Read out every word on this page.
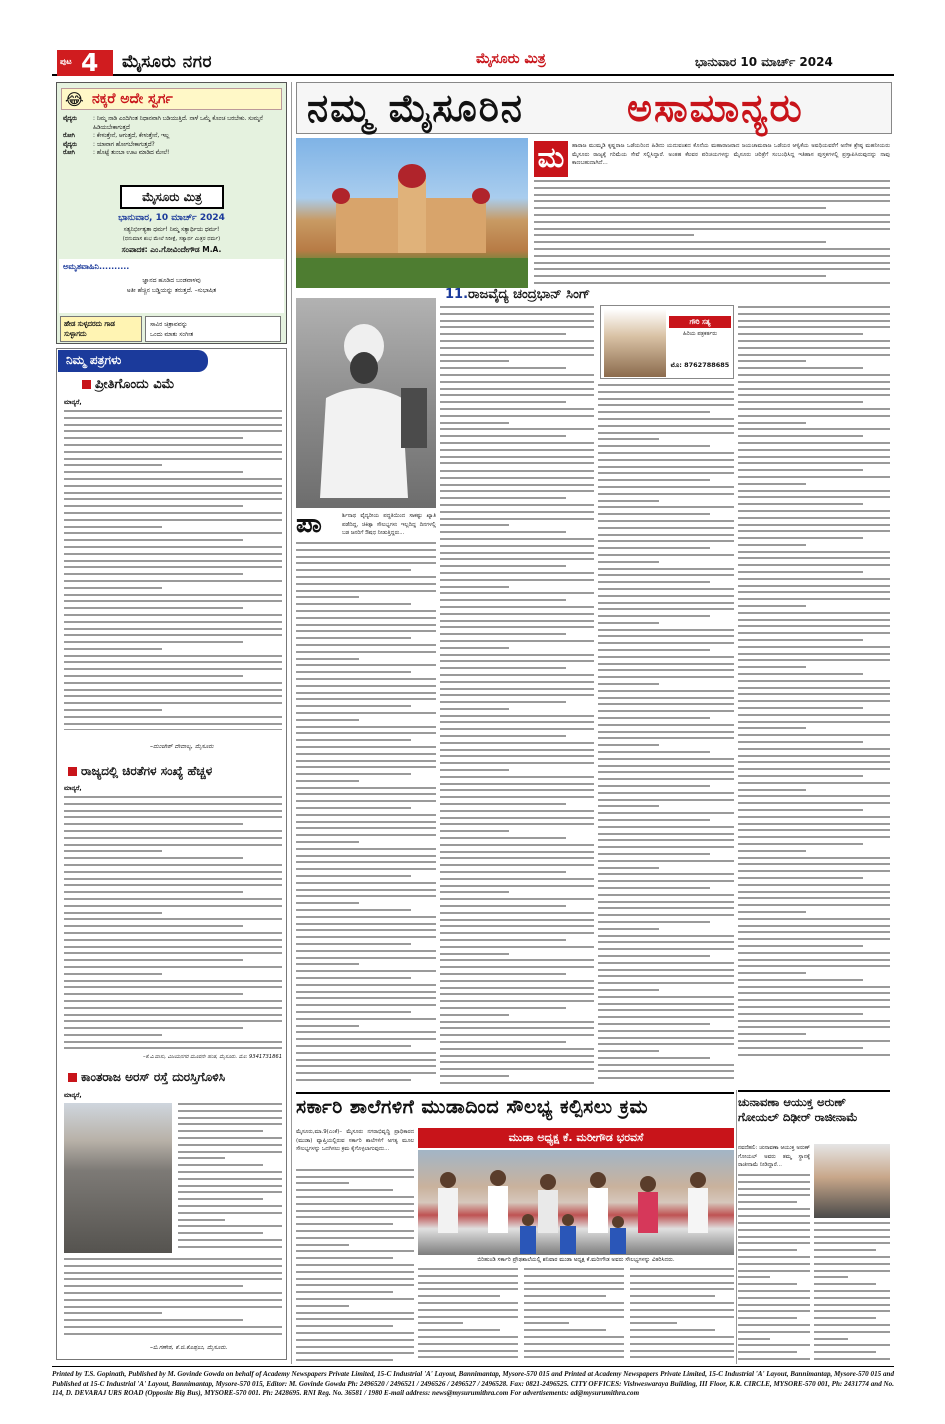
ಪುಟ 4 ಮೈಸೂರು ನಗರ	ಮೈಸೂರು ಮಿತ್ರ	ಭಾನುವಾರ 10 ಮಾರ್ಚ್ 2024
😂 ನಕ್ಕರೆ ಅದೇ ಸ್ವರ್ಗ
ವೈದ್ಯರು	: ನಿಮ್ಮ ನಾಡಿ ಎಂದಿಗಿಂತ ನಿಧಾನವಾಗಿ ಬಡಿಯುತ್ತಿದೆ. ನಾಳೆ ಒಮ್ಮೆ ಕೊಂಚ ಬರಬೇಕು. ಸುಮ್ಮನೆ ಹಿಡಿಯಬೇಕಾಗುತ್ತದೆ
ರೋಗಿ	: ಕೇಳುತ್ತೇನೆ, ಆಗುತ್ತದೆ, ಕೇಳುತ್ತೇನೆ, ಇಲ್ಲ
ವೈದ್ಯರು	: ಯಾವಾಗ ಹೋಗಬೇಕಾಗುತ್ತದೆ?
ರೋಗಿ	: ಹೊಟ್ಟೆ ತುಂಬಾ ಊಟ ಮಾಡಿದ ಮೇಲೆ!
ಮೈಸೂರು ಮಿತ್ರ
ಭಾನುವಾರ, 10 ಮಾರ್ಚ್ 2024
ಸತ್ಯನಿರ್ಭೀತ್ಯತಾ ಧರ್ಮ! ನಿಮ್ಮ ಸತ್ಯಾರ್ಥಿಯ ಧರ್ಮ!
(ಧನುಮಾಸ ಶುಭ ಮೇಲೆ ನಿರೀಕ್ಷೆ, ಸತ್ಯಾರ್ಥ ಮಿತ್ರರ ಧರ್ಮ)
ಸಂಪಾದಕ: ಎಂ.ಗೋವಿಂದೇಗೌಡ M.A.
ಅಮೃತವಾಹಿನಿ..........
ಜ್ಞಾನದ ಹೂಡಿದ ಬಂಡವಾಳವು
ಅತೀ ಹೆಚ್ಚಿನ ಬಡ್ಡಿಯನ್ನು ತರುತ್ತದೆ. –ಸುಭಾಷಿತ
ಹೇಡ ಸುಳ್ಳದರದು ಗಾಡ ಸುಳ್ಳಾಗದು
ಸಾವಿರ ಚಿತ್ರಾವವನ್ನು
ಒಂದು ಮಾತು ಸಂಗೀತ
ನಿಮ್ಮ ಪತ್ರಗಳು
ಪ್ರೀತಿಗೊಂದು ವಿಮೆ
ಮಾನ್ಯರೆ,
–ಮಂಜೇಶ್ ದೇವಾಲ್ಯ, ಮೈಸೂರು
ರಾಜ್ಯದಲ್ಲಿ ಚಿರತೆಗಳ ಸಂಖ್ಯೆ ಹೆಚ್ಚಳ
ಮಾನ್ಯರೆ,
–ಕೆ.ವಿ.ವಾಸು, ವಿಜಯನಗರ ಮೂರನೇ ಹಂತ, ಮೈಸೂರು. ಮೊ: 9341731861
ಕಾಂತರಾಜ ಅರಸ್ ರಸ್ತೆ ದುರಸ್ತಿಗೊಳಿಸಿ
ಮಾನ್ಯರೆ,
–ಬಿ.ಗಣೇಶ, ಕೆ.ಜಿ.ಕೊಪ್ಪಲು, ಮೈಸೂರು.
ನಮ್ಮ ಮೈಸೂರಿನ	ಅಸಾಮಾನ್ಯರು
ಮ	ಹಾರಾಜ ಮುಮ್ಮಡಿ ಕೃಷ್ಣರಾಜ ಒಡೆಯರಿಂದ ಹಿಡಿದು ಯದುವಂಶದ ಕೊನೆಯ ಮಹಾರಾಜರಾದ ಜಯಚಾಮರಾಜ ಒಡೆಯರ ಆಳ್ವಿಕೆಯ ಅವಧಿಯವರೆಗೆ ಅನೇಕ ಶ್ರೇಷ್ಠ ಮಹನೀಯರು ಮೈಸೂರು ರಾಜ್ಯಕ್ಕೆ ಗರಿಮೆಯ ಸೇವೆ ಸಲ್ಲಿಸಿದ್ದಾರೆ. ಅಂತಹ ಕೆಲವರ ಪರಿಚಯಗಳನ್ನು ಮೈಸೂರು ಚರಿತ್ರೆಗೆ ಸಂಬಂಧಿಸಿದ್ದ ಇತಿಹಾಸ ಪುಸ್ತಕಗಳಲ್ಲಿ ಪ್ರಸ್ತಾಪಿಸಿರುವುದನ್ನು ನಾವು ಕಾಣಬಹುದಾಗಿದೆ...
11. ರಾಜವೈದ್ಯ ಚಂದ್ರಭಾನ್ ಸಿಂಗ್
ಗೌರಿ ಸತ್ಯ
ಹಿರಿಯ ಪತ್ರಕರ್ತರು
ಮೊ: 8762788685
ಪಾ	ರ್ಶಿನಾಥ ವೈದ್ಯರೀಯ ಪದ್ಧತಿಯಿಂದ ಸಾಕಷ್ಟು ಖ್ಯಾತಿ ಪಡೆದಿದ್ದ, ಚಿಕಿತ್ಸಾ ಸೌಲಭ್ಯಗಳು ಇಲ್ಲದಿದ್ದ ದಿನಗಳಲ್ಲಿ ಬಡ ಜನರಿಗೆ ಔಷಧ ನೀಡುತ್ತಿದ್ದರು...
ಸರ್ಕಾರಿ ಶಾಲೆಗಳಿಗೆ ಮುಡಾದಿಂದ ಸೌಲಭ್ಯ ಕಲ್ಪಿಸಲು ಕ್ರಮ
ಮುಡಾ ಅಧ್ಯಕ್ಷ ಕೆ. ಮರೀಗೌಡ ಭರವಸೆ
ಬಿರಿಹುಂಡಿ ಸರ್ಕಾರಿ ಪ್ರೌಢಶಾಲೆಯಲ್ಲಿ ಶನಿವಾರ ಮುಡಾ ಅಧ್ಯಕ್ಷ ಕೆ.ಮರೀಗೌಡ ಅವರು ಸೌಲಭ್ಯಗಳನ್ನು ವಿತರಿಸಿದರು.
ಮೈಸೂರು,ಮಾ.9(ಎಂಕೆ)– ಮೈಸೂರು ನಗರಾಭಿವೃದ್ಧಿ ಪ್ರಾಧಿಕಾರದ (ಮುಡಾ) ವ್ಯಾಪ್ತಿಯಲ್ಲಿರುವ ಸರ್ಕಾರಿ ಶಾಲೆಗಳಿಗೆ ಅಗತ್ಯ ಮೂಲ ಸೌಲಭ್ಯಗಳನ್ನು ಒದಗಿಸಲು ಕ್ರಮ ಕೈಗೊಳ್ಳಲಾಗುವುದು...
ಚುನಾವಣಾ ಆಯುಕ್ತ ಅರುಣ್ ಗೋಯಲ್ ದಿಢೀರ್ ರಾಜೀನಾಮೆ
ನವದೆಹಲಿ: ಚುನಾವಣಾ ಆಯುಕ್ತ ಅರುಣ್ ಗೋಯಲ್ ಅವರು ತಮ್ಮ ಸ್ಥಾನಕ್ಕೆ ರಾಜೀನಾಮೆ ನೀಡಿದ್ದಾರೆ...
Printed by T.S. Gopinath, Published by M. Govinde Gowda on behalf of Academy Newspapers Private Limited, 15-C Industrial 'A' Layout, Bannimantap, Mysore-570 015 and Printed at Academy Newspapers Private Limited, 15-C Industrial 'A' Layout, Bannimantap, Mysore-570 015 and Published at 15-C Industrial 'A' Layout, Bannimantap, Mysore-570 015, Editor: M. Govinde Gowda Ph: 2496520 / 2496521 / 2496526 / 2496527 / 2496528. Fax: 0821-2496525. CITY OFFICES: Vishweswaraya Building, III Floor, K.R. CIRCLE, MYSORE-570 001, Ph: 2431774 and No. 114, D. DEVARAJ URS ROAD (Opposite Big Bus), MYSORE-570 001. Ph: 2428695. RNI Reg. No. 36581 / 1980 E-mail address: news@mysurumithra.com For advertisements: ad@mysurumithra.com
